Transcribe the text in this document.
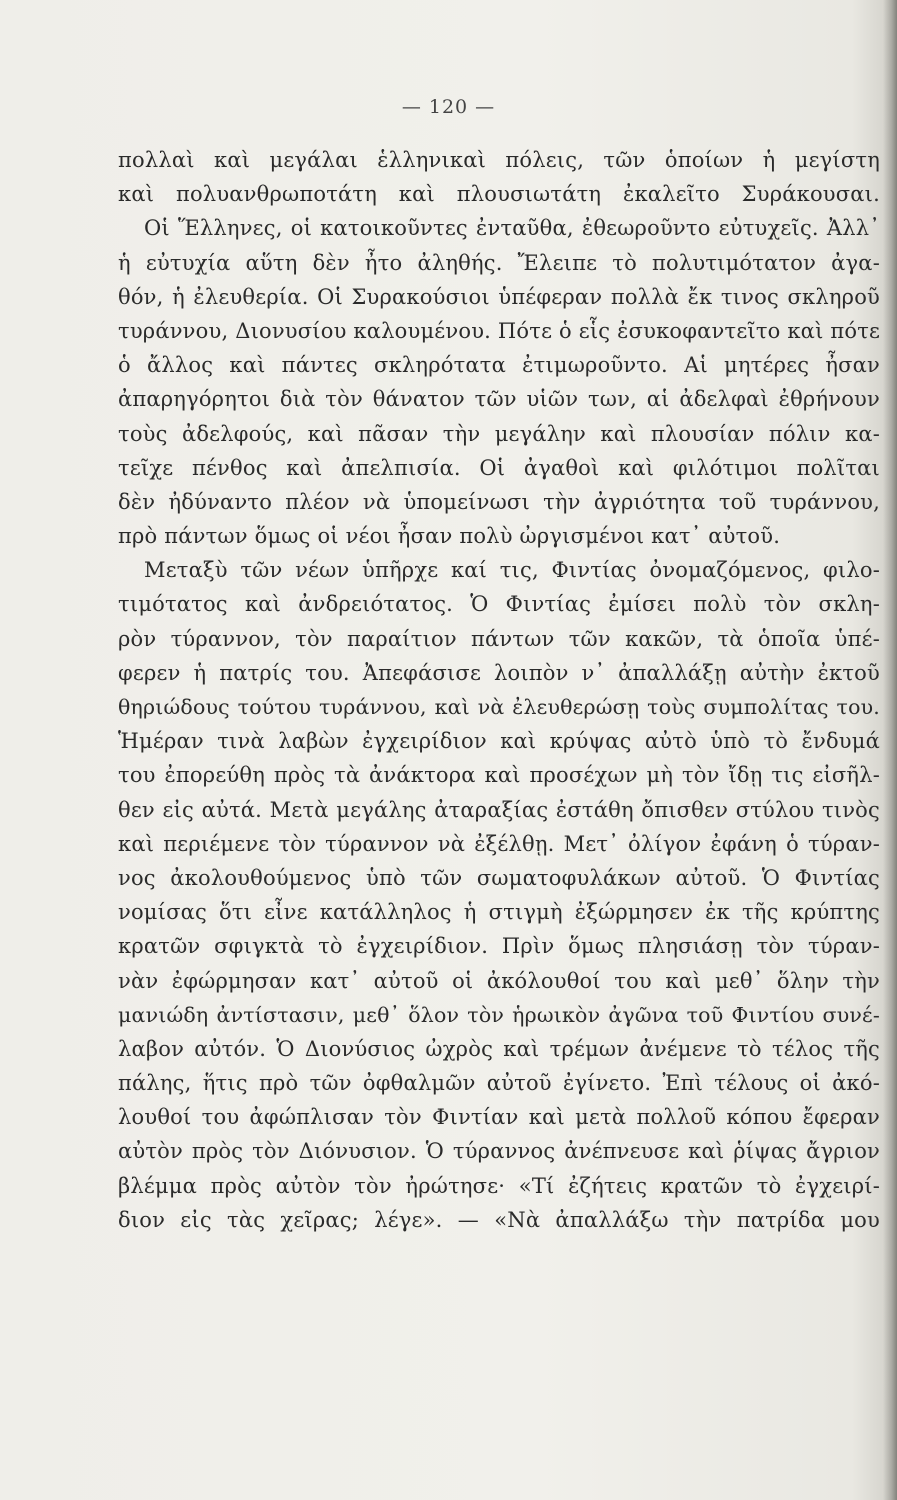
— 120 —
πολλαὶ καὶ μεγάλαι ἑλληνικαὶ πόλεις, τῶν ὁποίων ἡ μεγίστη
καὶ πολυανθρωποτάτη καὶ πλουσιωτάτη ἐκαλεῖτο Συράκουσαι.
Οἱ Ἕλληνες, οἱ κατοικοῦντες ἐνταῦθα, ἐθεωροῦντο εὐτυχεῖς. Ἀλλ᾽
ἡ εὐτυχία αὕτη δὲν ἦτο ἀληθής. Ἔλειπε τὸ πολυτιμότατον ἀγα-
θόν, ἡ ἐλευθερία. Οἱ Συρακούσιοι ὑπέφεραν πολλὰ ἔκ τινος σκληροῦ
τυράννου, Διονυσίου καλουμένου. Πότε ὁ εἷς ἐσυκοφαντεῖτο καὶ πότε
ὁ ἄλλος καὶ πάντες σκληρότατα ἐτιμωροῦντο. Αἱ μητέρες ἦσαν
ἀπαρηγόρητοι διὰ τὸν θάνατον τῶν υἱῶν των, αἱ ἀδελφαὶ ἐθρήνουν
τοὺς ἀδελφούς, καὶ πᾶσαν τὴν μεγάλην καὶ πλουσίαν πόλιν κα-
τεῖχε πένθος καὶ ἀπελπισία. Οἱ ἀγαθοὶ καὶ φιλότιμοι πολῖται
δὲν ἠδύναντο πλέον νὰ ὑπομείνωσι τὴν ἀγριότητα τοῦ τυράννου,
πρὸ πάντων ὅμως οἱ νέοι ἦσαν πολὺ ὠργισμένοι κατ᾽ αὐτοῦ.
Μεταξὺ τῶν νέων ὑπῆρχε καί τις, Φιντίας ὀνομαζόμενος, φιλο-
τιμότατος καὶ ἀνδρειότατος. Ὁ Φιντίας ἐμίσει πολὺ τὸν σκλη-
ρὸν τύραννον, τὸν παραίτιον πάντων τῶν κακῶν, τὰ ὁποῖα ὑπέ-
φερεν ἡ πατρίς του. Ἀπεφάσισε λοιπὸν ν᾽ ἀπαλλάξῃ αὐτὴν ἐκτοῦ
θηριώδους τούτου τυράννου, καὶ νὰ ἐλευθερώσῃ τοὺς συμπολίτας του.
Ἡμέραν τινὰ λαβὼν ἐγχειρίδιον καὶ κρύψας αὐτὸ ὑπὸ τὸ ἔνδυμά
του ἐπορεύθη πρὸς τὰ ἀνάκτορα καὶ προσέχων μὴ τὸν ἴδῃ τις εἰσῆλ-
θεν εἰς αὐτά. Μετὰ μεγάλης ἀταραξίας ἐστάθη ὄπισθεν στύλου τινὸς
καὶ περιέμενε τὸν τύραννον νὰ ἐξέλθῃ. Μετ᾽ ὀλίγον ἐφάνη ὁ τύραν-
νος ἀκολουθούμενος ὑπὸ τῶν σωματοφυλάκων αὐτοῦ. Ὁ Φιντίας
νομίσας ὅτι εἶνε κατάλληλος ἡ στιγμὴ ἐξώρμησεν ἐκ τῆς κρύπτης
κρατῶν σφιγκτὰ τὸ ἐγχειρίδιον. Πρὶν ὅμως πλησιάσῃ τὸν τύραν-
νὰν ἐφώρμησαν κατ᾽ αὐτοῦ οἱ ἀκόλουθοί του καὶ μεθ᾽ ὅλην τὴν
μανιώδη ἀντίστασιν, μεθ᾽ ὅλον τὸν ἡρωικὸν ἀγῶνα τοῦ Φιντίου συνέ-
λαβον αὐτόν. Ὁ Διονύσιος ὠχρὸς καὶ τρέμων ἀνέμενε τὸ τέλος τῆς
πάλης, ἥτις πρὸ τῶν ὀφθαλμῶν αὐτοῦ ἐγίνετο. Ἐπὶ τέλους οἱ ἀκό-
λουθοί του ἀφώπλισαν τὸν Φιντίαν καὶ μετὰ πολλοῦ κόπου ἔφεραν
αὐτὸν πρὸς τὸν Διόνυσιον. Ὁ τύραννος ἀνέπνευσε καὶ ῥίψας ἄγριον
βλέμμα πρὸς αὐτὸν τὸν ἠρώτησε· «Τί ἐζήτεις κρατῶν τὸ ἐγχειρί-
διον εἰς τὰς χεῖρας; λέγε». — «Νὰ ἀπαλλάξω τὴν πατρίδα μου
